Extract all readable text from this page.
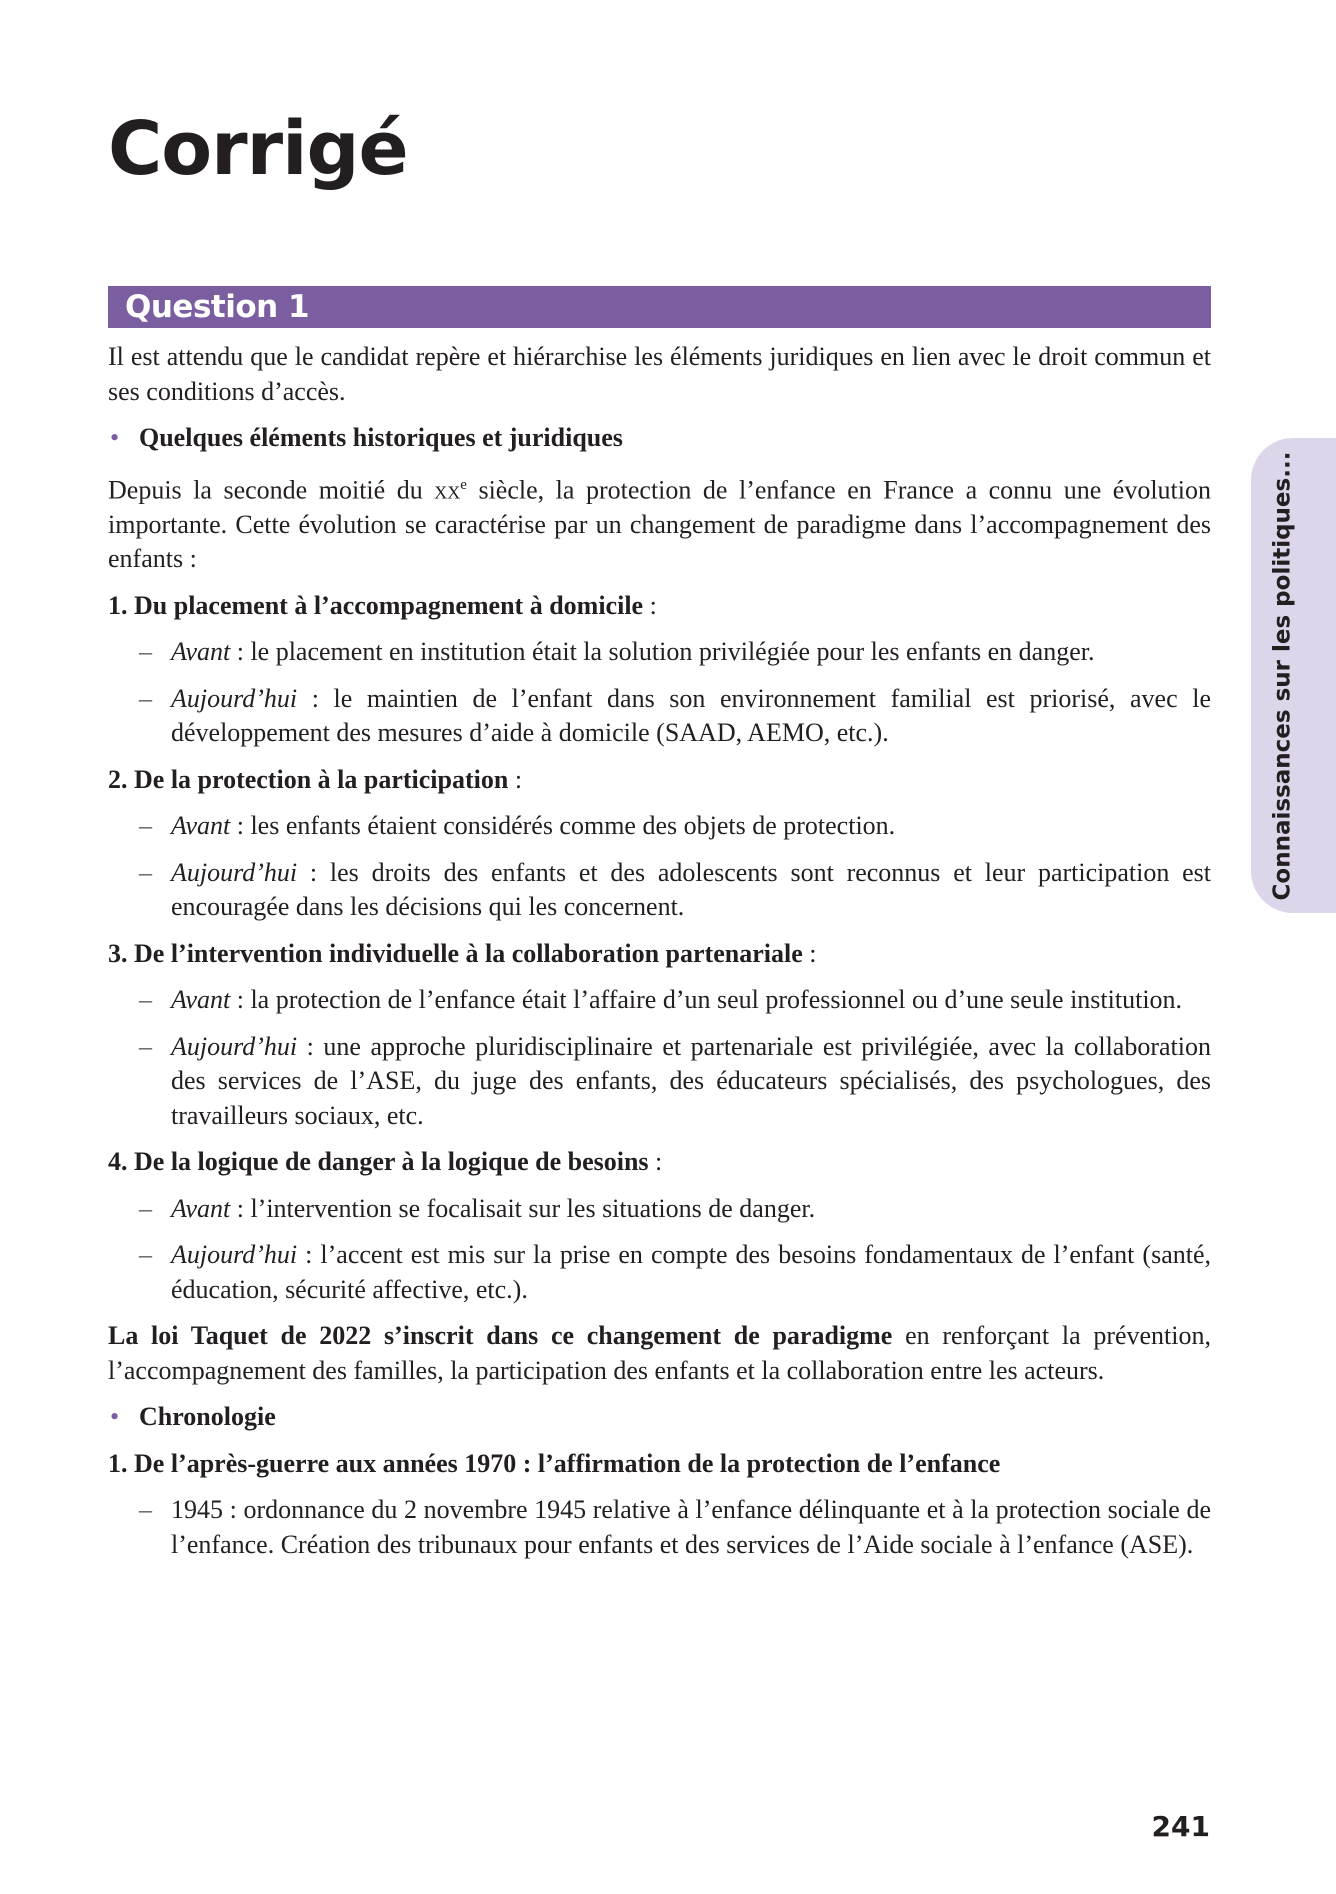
Corrigé
Question 1
Connaissances sur les politiques...

Il est attendu que le candidat repère et hiérarchise les éléments juridiques en lien avec le droit commun et ses conditions d’accès.

• Quelques éléments historiques et juridiques

Depuis la seconde moitié du $xx^e$ siècle, la protection de l’enfance en France a connu une évolution importante. Cette évolution se caractérise par un changement de paradigme dans l’accompagnement des enfants :

1. Du placement à l’accompagnement à domicile :
– Avant : le placement en institution était la solution privilégiée pour les enfants en danger.
– Aujourd’hui : le maintien de l’enfant dans son environnement familial est priorisé, avec le développement des mesures d’aide à domicile (SAAD, AEMO, etc.).
2. De la protection à la participation :
– Avant : les enfants étaient considérés comme des objets de protection.
– Aujourd’hui : les droits des enfants et des adolescents sont reconnus et leur participation est encouragée dans les décisions qui les concernent.
3. De l’intervention individuelle à la collaboration partenariale :
– Avant : la protection de l’enfance était l’affaire d’un seul professionnel ou d’une seule institution.
– Aujourd’hui : une approche pluridisciplinaire et partenariale est privilégiée, avec la collaboration des services de l’ASE, du juge des enfants, des éducateurs spécialisés, des psychologues, des travailleurs sociaux, etc.
4. De la logique de danger à la logique de besoins :
– Avant : l’intervention se focalisait sur les situations de danger.
– Aujourd’hui : l’accent est mis sur la prise en compte des besoins fondamentaux de l’enfant (santé, éducation, sécurité affective, etc.).

La loi Taquet de 2022 s’inscrit dans ce changement de paradigme en renforçant la prévention, l’accompagnement des familles, la participation des enfants et la collaboration entre les acteurs.

• Chronologie
1. De l’après-guerre aux années 1970 : l’affirmation de la protection de l’enfance
– 1945 : ordonnance du 2 novembre 1945 relative à l’enfance délinquante et à la protection sociale de l’enfance. Création des tribunaux pour enfants et des services de l’Aide sociale à l’enfance (ASE).
241
